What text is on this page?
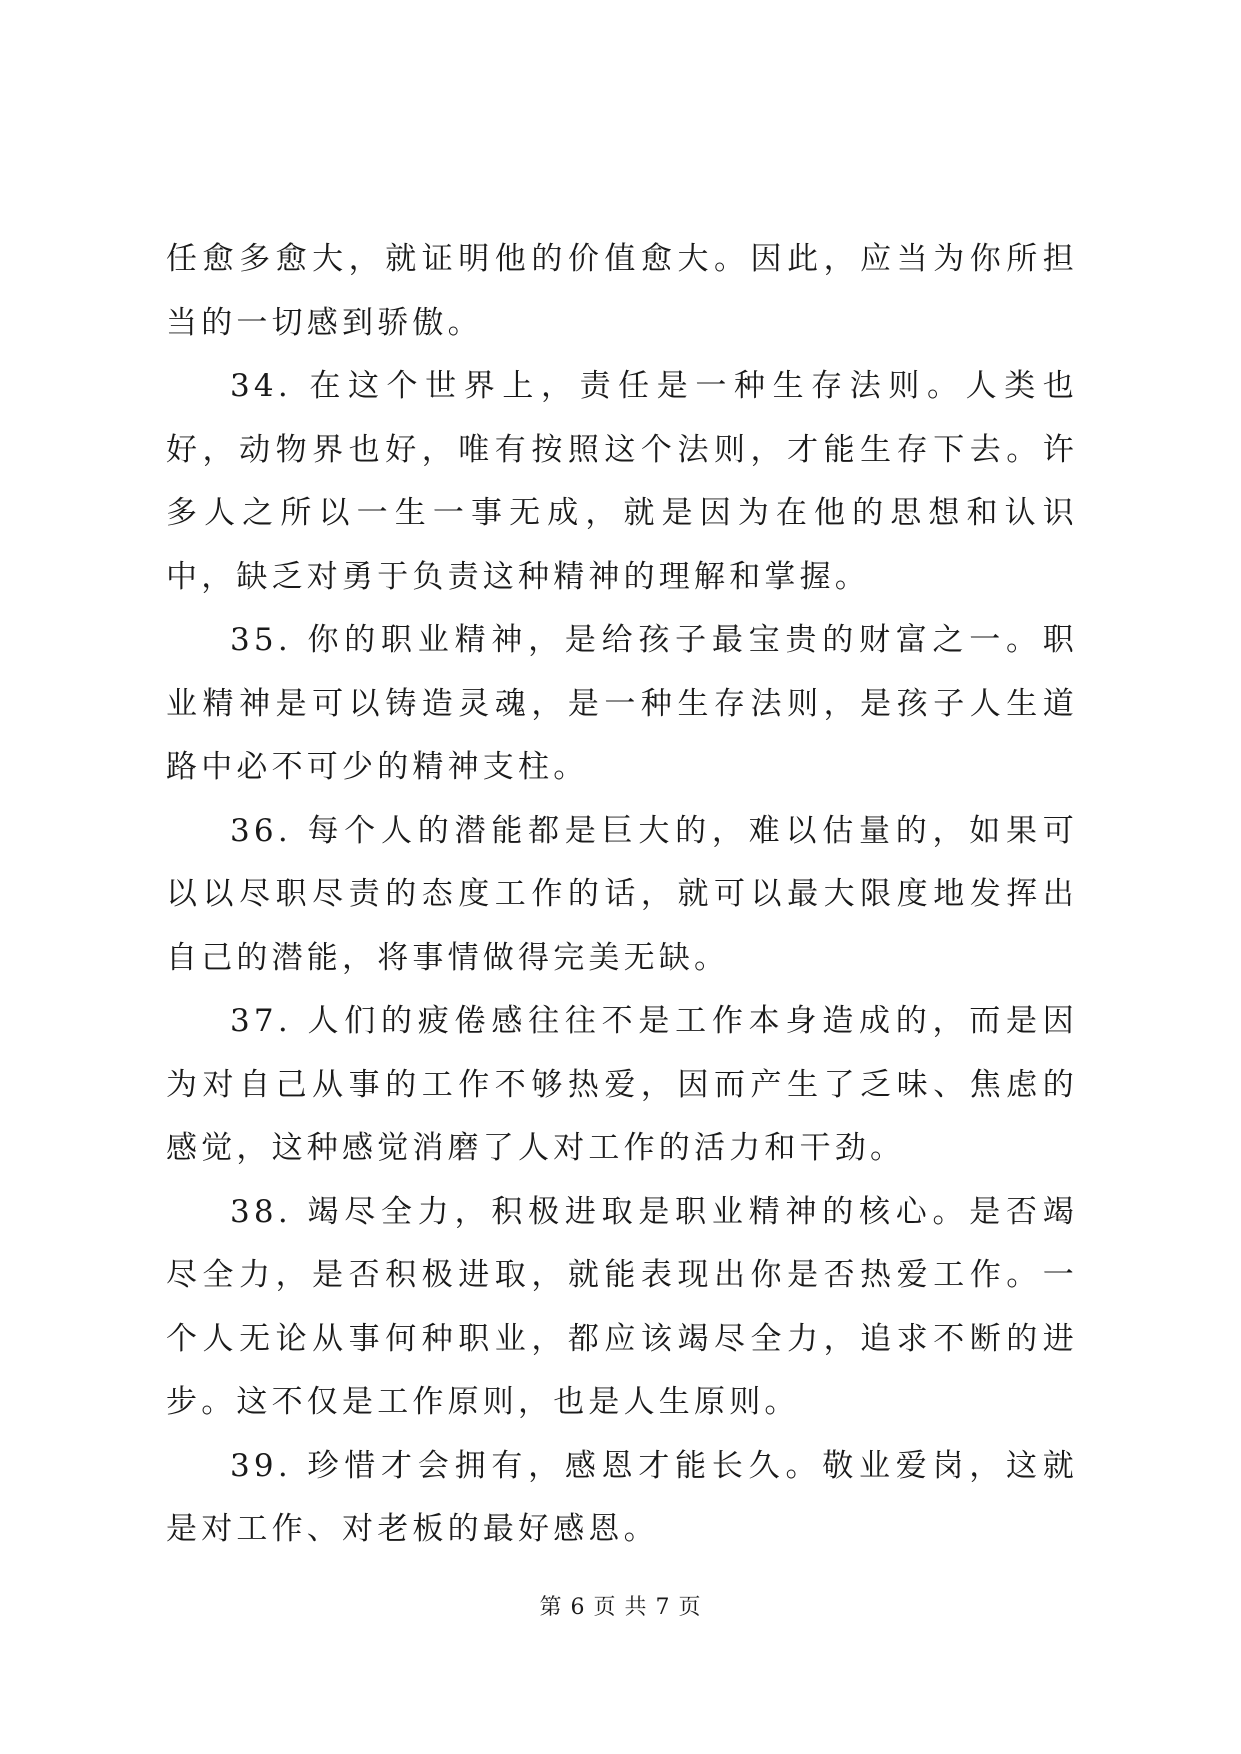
任愈多愈大，就证明他的价值愈大。因此，应当为你所担当的一切感到骄傲。

34. 在这个世界上，责任是一种生存法则。人类也好，动物界也好，唯有按照这个法则，才能生存下去。许多人之所以一生一事无成，就是因为在他的思想和认识中，缺乏对勇于负责这种精神的理解和掌握。

35. 你的职业精神，是给孩子最宝贵的财富之一。职业精神是可以铸造灵魂，是一种生存法则，是孩子人生道路中必不可少的精神支柱。

36. 每个人的潜能都是巨大的，难以估量的，如果可以以尽职尽责的态度工作的话，就可以最大限度地发挥出自己的潜能，将事情做得完美无缺。

37. 人们的疲倦感往往不是工作本身造成的，而是因为对自己从事的工作不够热爱，因而产生了乏味、焦虑的感觉，这种感觉消磨了人对工作的活力和干劲。

38. 竭尽全力，积极进取是职业精神的核心。是否竭尽全力，是否积极进取，就能表现出你是否热爱工作。一个人无论从事何种职业，都应该竭尽全力，追求不断的进步。这不仅是工作原则，也是人生原则。

39. 珍惜才会拥有，感恩才能长久。敬业爱岗，这就是对工作、对老板的最好感恩。

第 6 页 共 7 页
